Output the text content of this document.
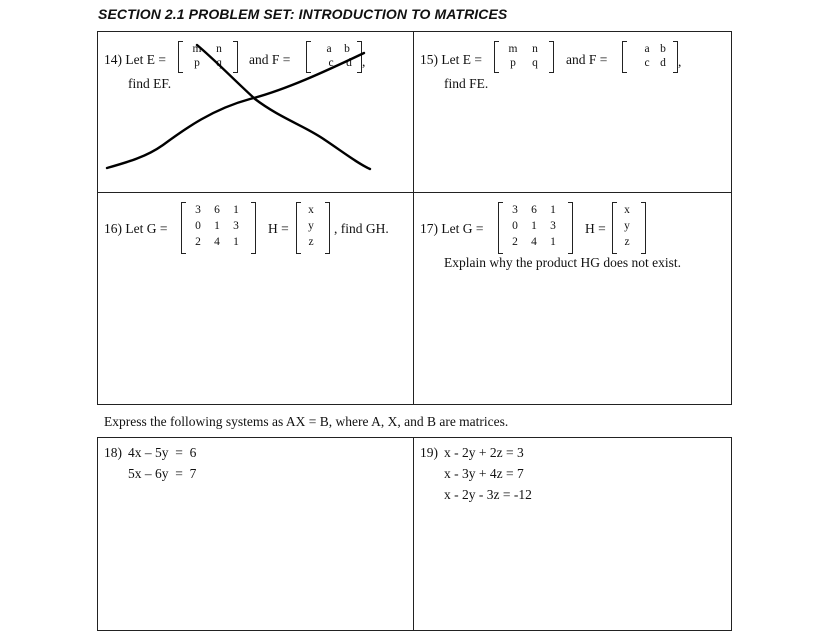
SECTION 2.1 PROBLEM SET: INTRODUCTION TO MATRICES
14) Let E =
m	n
p	q	and F =
a	b
c	d ,
find EF.
15) Let E =
m	n
p	q	and F =
a b
c d ,
find FE.
16) Let G =
3	6	1
0	1	3
2	4	1
H =
x
y
z
, find GH. 17) Let G =
3	6	1
0	1	3
2	4	1
H =
x
y
z
Explain why the product HG does not exist.
Express the following systems as AX = B, where A, X, and B are matrices.
18) 4x – 5y  =  6
5x – 6y  =  7
19) x - 2y + 2z = 3
x - 3y + 4z = 7
x - 2y - 3z = -12
